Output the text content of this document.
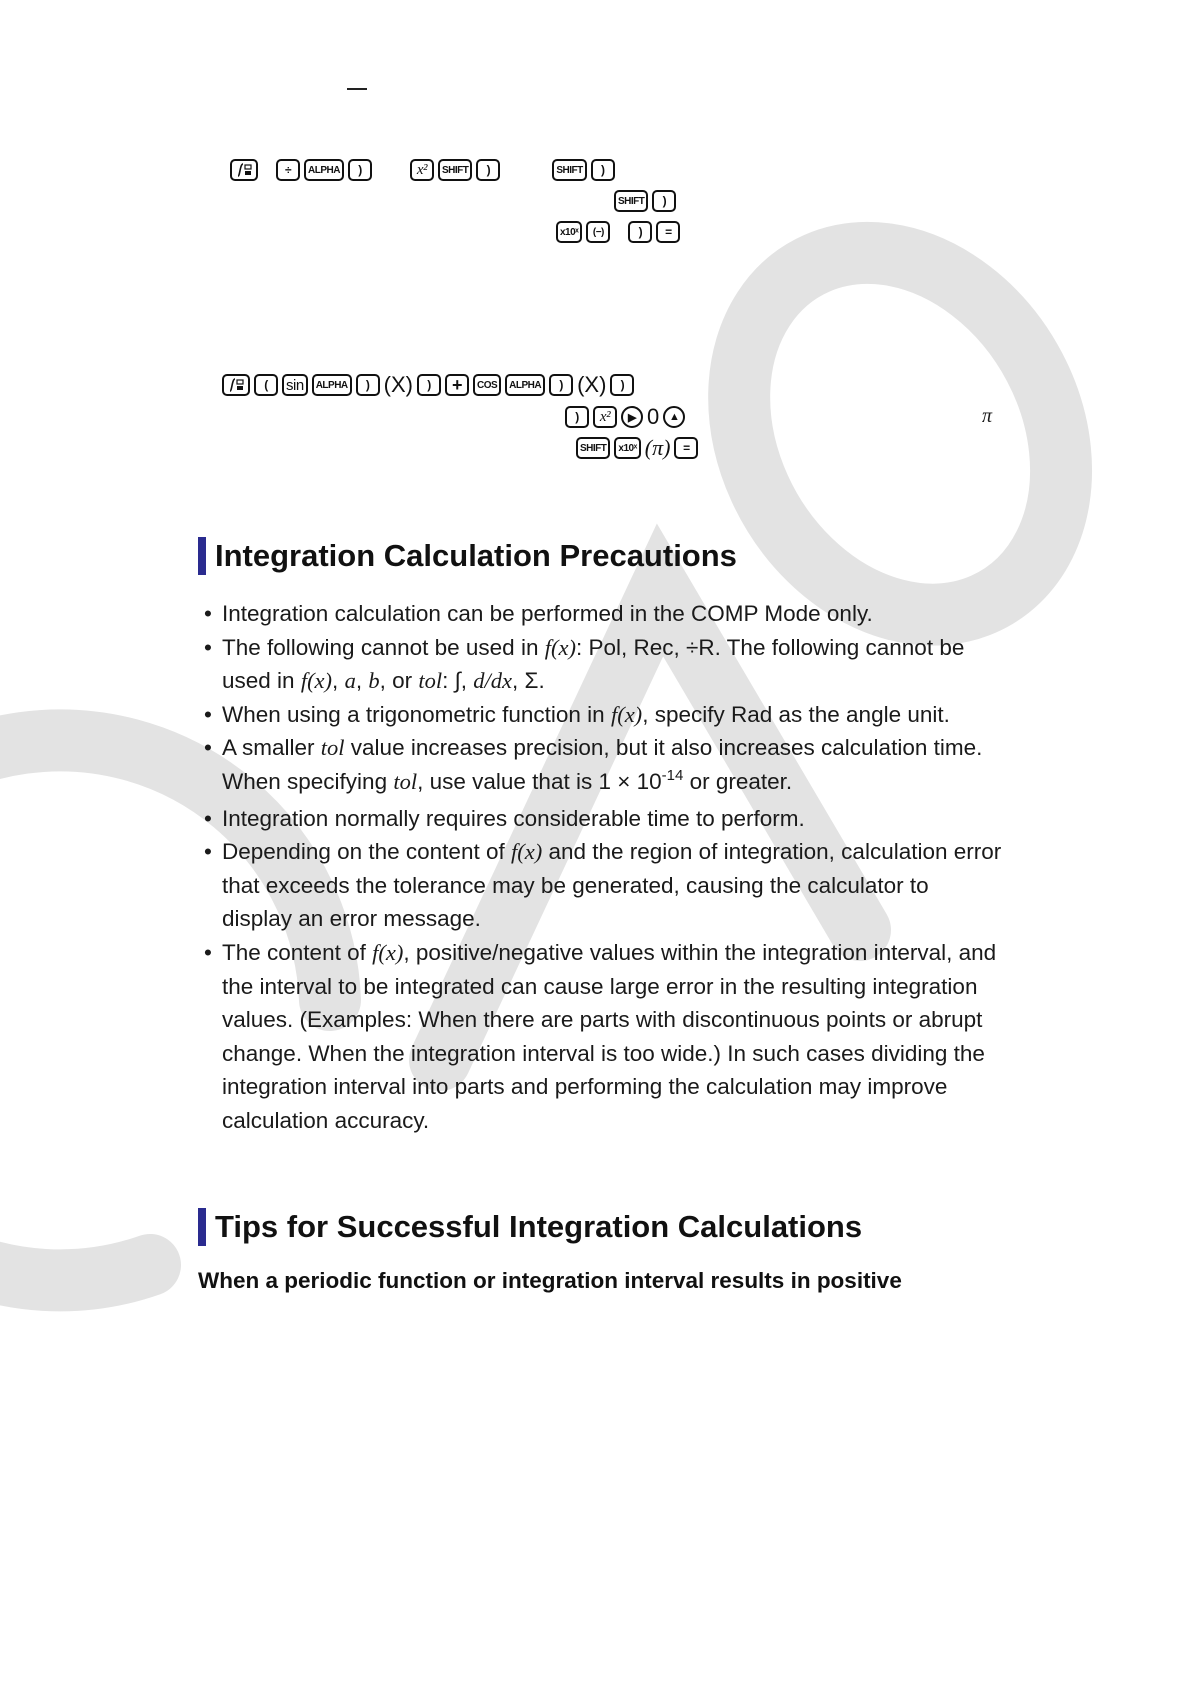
÷	ALPHA	)	x²	SHIFT	)	SHIFT	)
SHIFT	)
x10ˣ	(−)	)	=
(	sin	ALPHA	) (X)	)	+	COS	ALPHA	) (X)	)
)	x²	▶ 0 ▲
SHIFT	x10ˣ (π)	=
π
Integration Calculation Precautions
• Integration calculation can be performed in the COMP Mode only.
• The following cannot be used in f(x): Pol, Rec, ÷R. The following cannot be used in f(x), a, b, or tol: ∫, d/dx, Σ.
• When using a trigonometric function in f(x), specify Rad as the angle unit.
• A smaller tol value increases precision, but it also increases calculation time. When specifying tol, use value that is $1 \times 10^{-14}$ or greater.
• Integration normally requires considerable time to perform.
• Depending on the content of f(x) and the region of integration, calculation error that exceeds the tolerance may be generated, causing the calculator to display an error message.
• The content of f(x), positive/negative values within the integration interval, and the interval to be integrated can cause large error in the resulting integration values. (Examples: When there are parts with discontinuous points or abrupt change. When the integration interval is too wide.) In such cases dividing the integration interval into parts and performing the calculation may improve calculation accuracy.
Tips for Successful Integration Calculations

When a periodic function or integration interval results in positive
